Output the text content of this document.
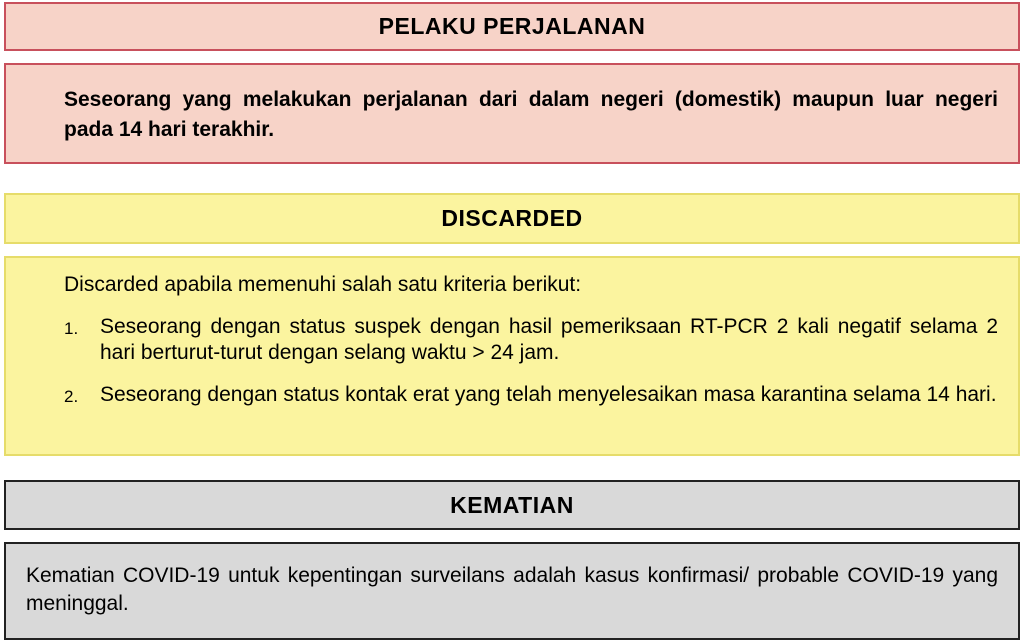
PELAKU PERJALANAN
Seseorang yang melakukan perjalanan dari dalam negeri (domestik) maupun luar negeri pada 14 hari terakhir.
DISCARDED
Discarded apabila memenuhi salah satu kriteria berikut:
1. Seseorang dengan status suspek dengan hasil pemeriksaan RT-PCR 2 kali negatif selama 2 hari berturut-turut dengan selang waktu > 24 jam.
2. Seseorang dengan status kontak erat yang telah menyelesaikan masa karantina selama 14 hari.
KEMATIAN
Kematian COVID-19 untuk kepentingan surveilans adalah kasus konfirmasi/ probable COVID-19 yang meninggal.
